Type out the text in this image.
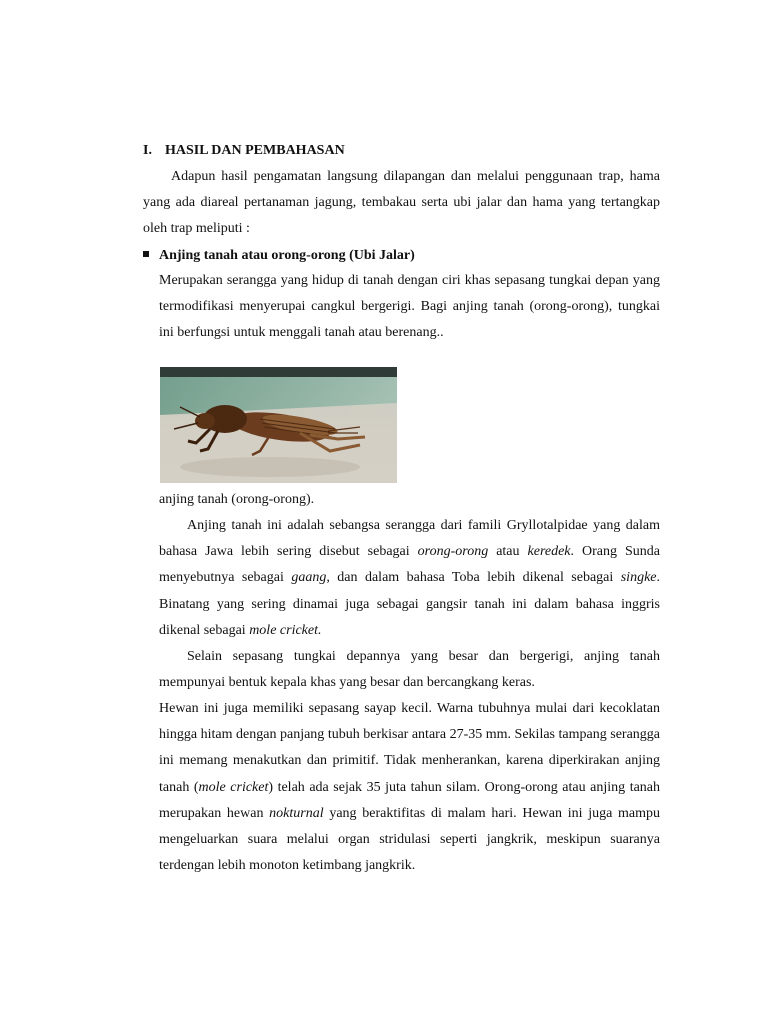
I. HASIL DAN PEMBAHASAN
Adapun hasil pengamatan langsung dilapangan dan melalui penggunaan trap, hama yang ada diareal pertanaman jagung, tembakau serta ubi jalar dan hama yang tertangkap oleh trap meliputi :
Anjing tanah atau orong-orong (Ubi Jalar)
Merupakan serangga yang hidup di tanah dengan ciri khas sepasang tungkai depan yang termodifikasi menyerupai cangkul bergerigi. Bagi anjing tanah (orong-orong), tungkai ini berfungsi untuk menggali tanah atau berenang..
anjing tanah (orong-orong).
Anjing tanah ini adalah sebangsa serangga dari famili Gryllotalpidae yang dalam bahasa Jawa lebih sering disebut sebagai orong-orong atau keredek. Orang Sunda menyebutnya sebagai gaang, dan dalam bahasa Toba lebih dikenal sebagai singke. Binatang yang sering dinamai juga sebagai gangsir tanah ini dalam bahasa inggris dikenal sebagai mole cricket.
Selain sepasang tungkai depannya yang besar dan bergerigi, anjing tanah mempunyai bentuk kepala khas yang besar dan bercangkang keras.
Hewan ini juga memiliki sepasang sayap kecil. Warna tubuhnya mulai dari kecoklatan hingga hitam dengan panjang tubuh berkisar antara 27-35 mm. Sekilas tampang serangga ini memang menakutkan dan primitif. Tidak menherankan, karena diperkirakan anjing tanah (mole cricket) telah ada sejak 35 juta tahun silam. Orong-orong atau anjing tanah merupakan hewan nokturnal yang beraktifitas di malam hari. Hewan ini juga mampu mengeluarkan suara melalui organ stridulasi seperti jangkrik, meskipun suaranya terdengan lebih monoton ketimbang jangkrik.
